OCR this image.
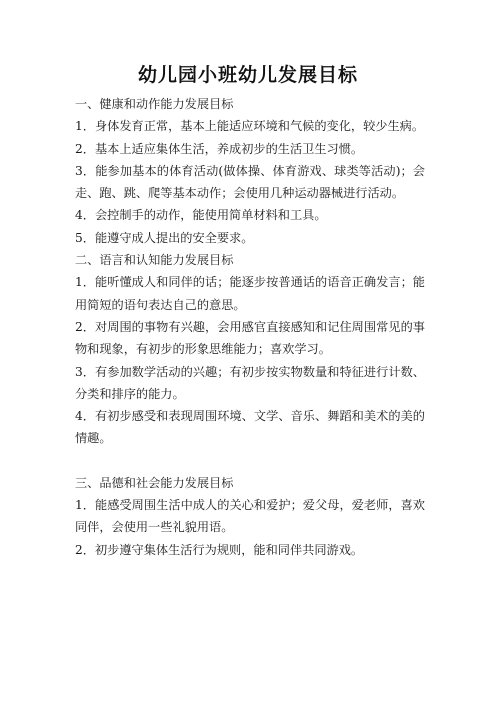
幼儿园小班幼儿发展目标

一、健康和动作能力发展目标

1．身体发育正常，基本上能适应环境和气候的变化，较少生病。

2．基本上适应集体生活，养成初步的生活卫生习惯。

3．能参加基本的体育活动(做体操、体育游戏、球类等活动)；会走、跑、跳、爬等基本动作；会使用几种运动器械进行活动。

4．会控制手的动作，能使用简单材料和工具。

5．能遵守成人提出的安全要求。

二、语言和认知能力发展目标

1．能听懂成人和同伴的话；能逐步按普通话的语音正确发言；能用简短的语句表达自己的意思。

2．对周围的事物有兴趣，会用感官直接感知和记住周围常见的事物和现象，有初步的形象思维能力；喜欢学习。

3．有参加数学活动的兴趣；有初步按实物数量和特征进行计数、分类和排序的能力。

4．有初步感受和表现周围环境、文学、音乐、舞蹈和美术的美的情趣。

三、品德和社会能力发展目标

1．能感受周围生活中成人的关心和爱护；爱父母，爱老师，喜欢同伴，会使用一些礼貌用语。

2．初步遵守集体生活行为规则，能和同伴共同游戏。
